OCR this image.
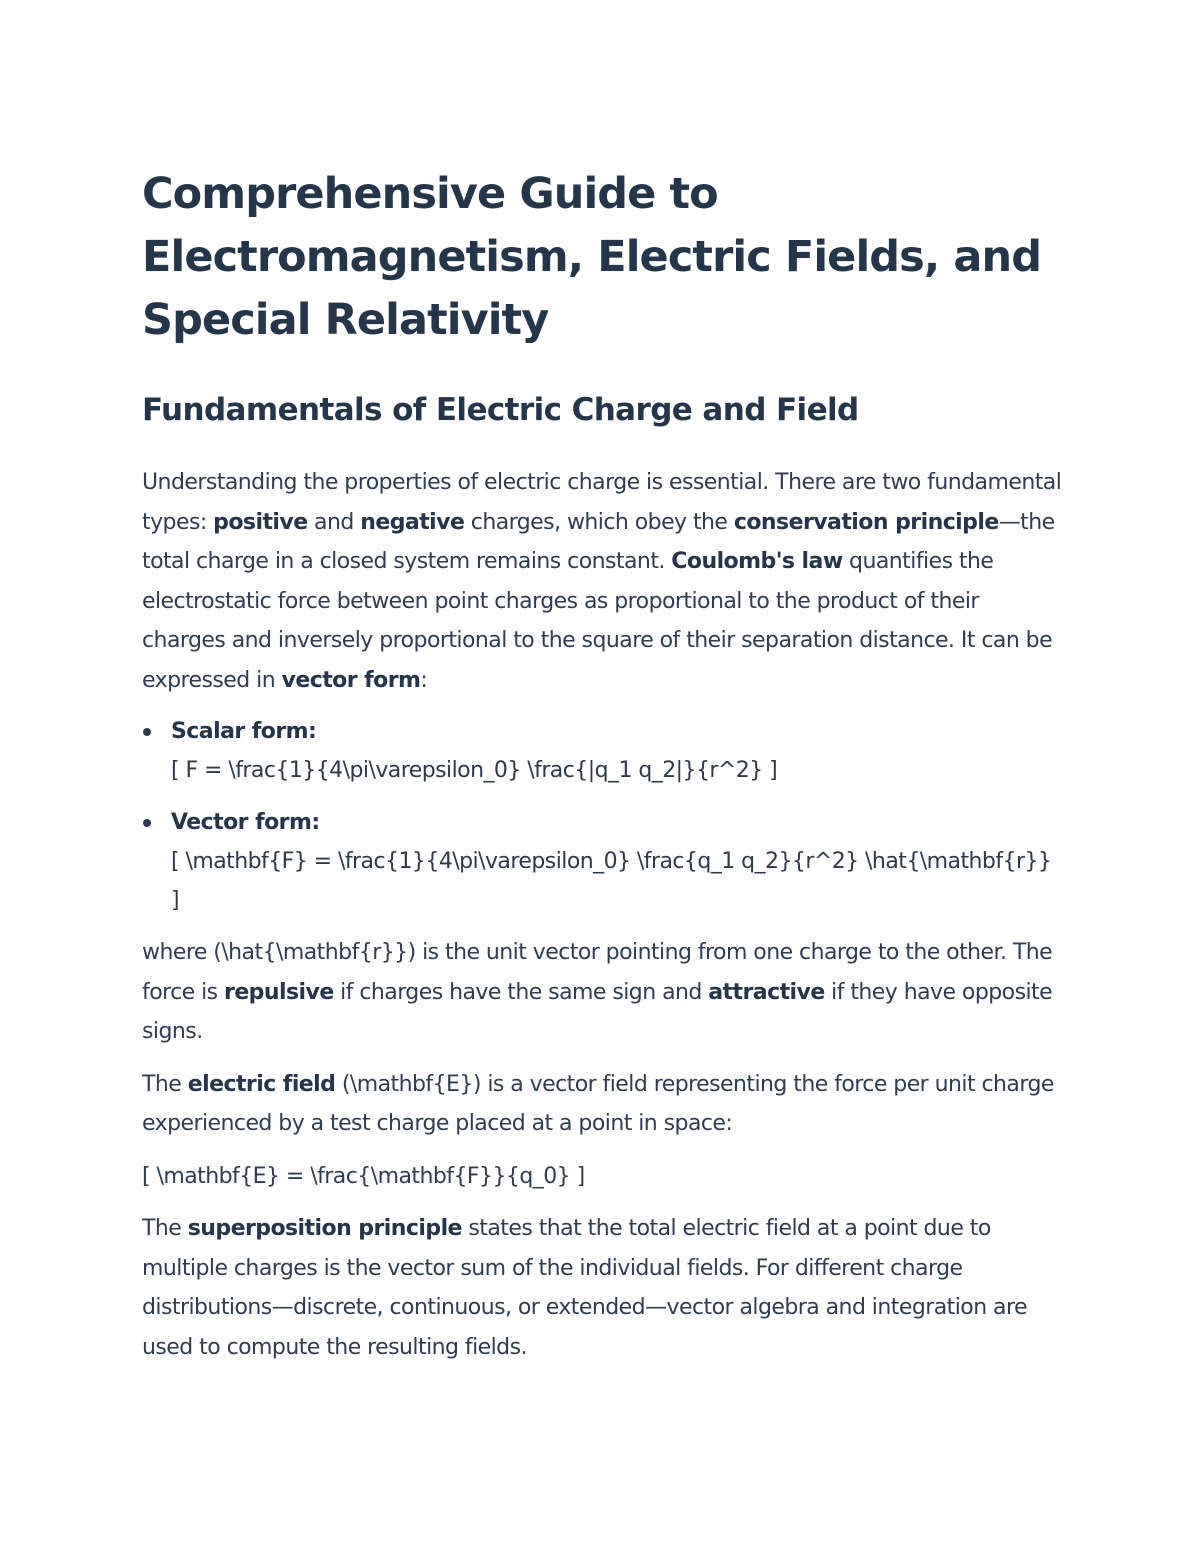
Comprehensive Guide to Electromagnetism, Electric Fields, and Special Relativity
Fundamentals of Electric Charge and Field

Understanding the properties of electric charge is essential. There are two fundamental types: positive and negative charges, which obey the conservation principle—the total charge in a closed system remains constant. Coulomb's law quantifies the electrostatic force between point charges as proportional to the product of their charges and inversely proportional to the square of their separation distance. It can be expressed in vector form:

Scalar form:
[ F = \frac{1}{4\pi\varepsilon_0} \frac{|q_1 q_2|}{r^2} ]
Vector form:
[ \mathbf{F} = \frac{1}{4\pi\varepsilon_0} \frac{q_1 q_2}{r^2} \hat{\mathbf{r}} ]

where (\hat{\mathbf{r}}) is the unit vector pointing from one charge to the other. The force is repulsive if charges have the same sign and attractive if they have opposite signs.

The electric field (\mathbf{E}) is a vector field representing the force per unit charge experienced by a test charge placed at a point in space:

[ \mathbf{E} = \frac{\mathbf{F}}{q_0} ]

The superposition principle states that the total electric field at a point due to multiple charges is the vector sum of the individual fields. For different charge distributions—discrete, continuous, or extended—vector algebra and integration are used to compute the resulting fields.
